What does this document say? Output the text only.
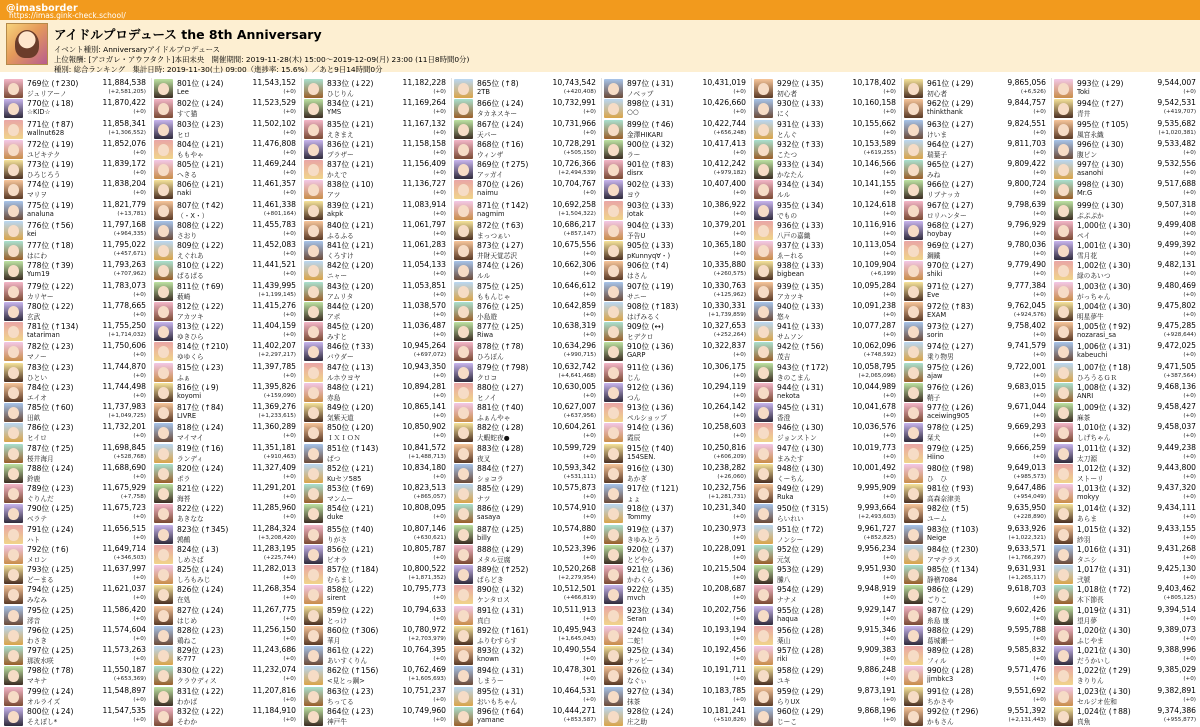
@imasborder
https://imas.gink-check.school/
アイドルプロデュース the 8th Anniversary
イベント種別: Anniversaryアイドルプロデュース
上位報酬: [アコガレ・アウフタクト]本田未央　開催期間: 2019-11-28(木) 15:00〜2019-12-09(月) 23:00 (11日8時間0分)
種別: 総合ランキング　集計日時: 2019-11-30(土) 09:00（進捗率: 15.6%）／あと9日14時間0分
769位 (↑230)	11,884,538
ジュリアーノ	(+2,581,205)
770位 (↓18)	11,870,422
☆KID☆	(+0)
771位 (↑87)	11,858,341
wallnut628	(+1,306,552)
772位 (↓19)	11,852,076
ユピキテク	(+0)
773位 (↓19)	11,839,172
ひろじろう	(+0)
774位 (↓19)	11,838,204
マリヲ	(+0)
775位 (↓19)	11,821,779
analuna	(+13,781)
776位 (↑56)	11,797,168
kei	(+964,335)
777位 (↑18)	11,795,022
はにわ	(+457,671)
778位 (↑39)	11,793,263
Yum19	(+707,962)
779位 (↓22)	11,783,073
カリヤー	(+0)
780位 (↓22)	11,778,665
玄武	(+0)
781位 (↑134)	11,755,250
tatariman	(+1,714,032)
782位 (↓23)	11,750,606
マノー	(+0)
783位 (↓23)	11,744,870
ひとい	(+0)
784位 (↓23)	11,744,498
エイオ	(+0)
785位 (↑60)	11,737,983
田畝	(+1,049,725)
786位 (↓23)	11,732,201
ヒイロ	(+0)
787位 (↑25)	11,698,845
桜井海月	(+528,768)
788位 (↓24)	11,688,690
鈴鹿	(+0)
789位 (↓23)	11,675,929
ぐりんだ	(+7,758)
790位 (↓25)	11,675,723
ベラテ	(+0)
791位 (↓24)	11,656,515
ハト	(+0)
792位 (↑6)	11,649,714
メロン	(+346,503)
793位 (↓25)	11,637,997
どーまる	(+0)
794位 (↓25)	11,621,037
みなみ	(+0)
795位 (↓25)	11,586,420
澪音	(+0)
796位 (↓25)	11,574,604
わさき	(+0)
797位 (↓25)	11,573,263
那波水咲	(+0)
798位 (↑78)	11,550,187
マキナ	(+653,369)
799位 (↓24)	11,548,897
オルライズ	(+0)
800位 (↓24)	11,547,535
そえぼし*	(+0)
801位 (↓24)	11,543,152
Lee	(+0)
802位 (↓24)	11,523,529
すて猫	(+0)
803位 (↓23)	11,502,102
ヒロ	(+0)
804位 (↓21)	11,476,808
ももやゃ	(+0)
805位 (↓21)	11,469,244
へきる	(+0)
806位 (↓21)	11,461,357
naki	(+0)
807位 (↑42)	11,461,338
（・X・）	(+801,164)
808位 (↓22)	11,455,783
さおり	(+0)
809位 (↓22)	11,452,083
えぐれあ	(+0)
810位 (↓22)	11,441,521
ぱるぱる	(+0)
811位 (↑69)	11,439,995
薮崎	(+1,199,145)
812位 (↓22)	11,415,276
アカツキ	(+0)
813位 (↓22)	11,404,159
ゆきひら	(+0)
814位 (↑210)	11,402,207
ゆゆくら	(+2,297,217)
815位 (↓23)	11,397,785
ふぁ	(+0)
816位 (↓9)	11,395,826
koyomi	(+159,090)
817位 (↑84)	11,369,276
LIVRE	(+1,233,615)
818位 (↓24)	11,360,289
マイマイ	(+0)
819位 (↑16)	11,351,181
ランディ	(+910,463)
820位 (↓24)	11,327,409
ポラ	(+0)
821位 (↓22)	11,291,201
海苔	(+0)
822位 (↓22)	11,285,960
あきなな	(+0)
823位 (↑345)	11,284,324
鶉鵺	(+3,208,420)
824位 (↓3)	11,283,195
しめさば	(+225,744)
825位 (↓24)	11,282,013
しろもみじ	(+0)
826位 (↓24)	11,268,354
在処	(+0)
827位 (↓24)	11,267,775
はじめ	(+0)
828位 (↓23)	11,256,150
鶏ねこ	(+0)
829位 (↓23)	11,243,686
K-777	(+0)
830位 (↓22)	11,232,074
クラウディス	(+0)
831位 (↓22)	11,207,816
わかば	(+0)
832位 (↓22)	11,184,910
そわか	(+0)
833位 (↓22)	11,182,228
ひじりん	(+0)
834位 (↓21)	11,169,264
YMS	(+0)
835位 (↓21)	11,167,132
えきまえ	(+0)
836位 (↓21)	11,158,158
プラザー	(+0)
837位 (↓21)	11,156,409
かえで	(+0)
838位 (↓10)	11,136,727
アツ	(+0)
839位 (↓21)	11,083,914
akpk	(+0)
840位 (↓21)	11,061,797
ふるふる	(+0)
841位 (↓21)	11,061,283
くろすけ	(+0)
842位 (↓20)	11,054,133
ニャー	(+0)
843位 (↓20)	11,053,851
アムリタ	(+0)
844位 (↓20)	11,038,570
アポ	(+0)
845位 (↓20)	11,036,487
みすと	(+0)
846位 (↑33)	10,945,264
バウダー	(+697,072)
847位 (↓13)	10,943,350
ルホウヨヤ	(+0)
848位 (↓21)	10,894,281
赤島	(+0)
849位 (↓20)	10,865,141
気紫天道	(+0)
850位 (↓20)	10,850,902
ＩＸＩＯＮ	(+0)
851位 (↑143)	10,841,572
ぱつ	(+1,488,713)
852位 (↓21)	10,834,180
Kuセソ585	(+0)
853位 (↑69)	10,823,513
マンムー	(+865,057)
854位 (↓21)	10,808,095
duke	(+0)
855位 (↑40)	10,807,146
りがさ	(+630,621)
856位 (↓21)	10,805,787
ビオラ	(+0)
857位 (↑184)	10,800,522
むらまし	(+1,871,352)
858位 (↓22)	10,795,773
sirent	(+0)
859位 (↓22)	10,794,633
とっけ	(+0)
860位 (↑306)	10,780,972
華月	(+2,703,979)
861位 (↓22)	10,764,395
あいすくりん	(+0)
862位 (↑156)	10,762,469
<見とっ鋼>	(+1,605,693)
863位 (↓23)	10,751,237
ちってる	(+0)
864位 (↓23)	10,749,960
神戸牛	(+0)
865位 (↑8)	10,743,542
2TB	(+420,408)
866位 (↓24)	10,732,991
タカネスキー	(+0)
867位 (↓24)	10,731,966
天パー	(+0)
868位 (↑16)	10,728,291
ウィンザ	(+505,150)
869位 (↑275)	10,726,366
アッガイ	(+2,494,539)
870位 (↓26)	10,704,767
naimu	(+0)
871位 (↑142)	10,692,258
nagmim	(+1,504,322)
872位 (↑63)	10,686,217
まっつぁい	(+857,147)
873位 (↓27)	10,675,556
井財天覚芯沢	(+0)
874位 (↓26)	10,662,306
ルル	(+0)
875位 (↓25)	10,646,612
ももんじゃ	(+0)
876位 (↓25)	10,642,859
小島遊	(+0)
877位 (↓25)	10,638,319
Riwa	(+0)
878位 (↑78)	10,634,296
ひろぽん	(+990,715)
879位 (↑798)	10,632,742
クロコ	(+4,641,468)
880位 (↓27)	10,630,005
ヒノイ	(+0)
881位 (↑40)	10,627,007
ふぁんやゃ	(+637,956)
882位 (↓28)	10,604,261
大蝦蛇夜●	(+0)
883位 (↓28)	10,599,729
夜叉	(+0)
884位 (↑27)	10,593,342
ショコラ	(+531,111)
885位 (↓29)	10,575,873
ナツ	(+0)
886位 (↓29)	10,574,910
sasaya	(+0)
887位 (↓25)	10,574,880
billy	(+0)
888位 (↓29)	10,523,396
メタル豆腐	(+0)
889位 (↑252)	10,520,268
ぱらどき	(+2,279,954)
890位 (↓32)	10,512,501
ケンタロス	(+466,819)
891位 (↓31)	10,511,913
真白	(+0)
892位 (↑161)	10,495,943
ふりむすらす	(+1,645,043)
893位 (↓32)	10,490,554
known	(+0)
894位 (↓31)	10,478,301
しまうー	(+0)
895位 (↓31)	10,464,531
おいもちゃん	(+0)
896位 (↑64)	10,444,271
yamane	(+853,587)
897位 (↓31)	10,431,019
ノベッブ	(+0)
898位 (↓31)	10,426,660
○○	(+0)
899位 (↑46)	10,422,744
金澤HIKARI	(+656,248)
900位 (↓32)	10,417,413
ラー	(+0)
901位 (↑83)	10,412,242
disrx	(+979,182)
902位 (↓33)	10,407,400
ヨウ	(+0)
903位 (↓33)	10,386,922
jotak	(+0)
904位 (↓33)	10,379,201
予告U	(+0)
905位 (↓33)	10,365,180
pKunnyq∀・)	(+0)
906位 (↑4)	10,335,880
はさん	(+260,575)
907位 (↓19)	10,330,763
サニー	(+125,962)
908位 (↑183)	10,330,331
はげみるく	(+1,739,859)
909位 (↔)	10,327,653
ヒデクロ	(+252,264)
910位 (↓36)	10,322,837
GARP	(+0)
911位 (↓36)	10,306,175
じん	(+0)
912位 (↓36)	10,294,119
つん	(+0)
913位 (↓36)	10,264,142
ペルショップ	(+0)
914位 (↓36)	10,258,603
霞辰	(+0)
915位 (↑40)	10,250,816
154SEN.	(+606,209)
916位 (↓30)	10,238,282
あかぎ	(+26,060)
917位 (↑121)	10,232,756
ょょ	(+1,281,731)
918位 (↓37)	10,231,340
Tommy	(+0)
919位 (↓37)	10,230,973
きゆみとう	(+0)
920位 (↓37)	10,228,091
とどやら	(+0)
921位 (↓36)	10,215,504
かわくら	(+0)
922位 (↓35)	10,208,687
mvch	(+0)
923位 (↓34)	10,202,756
Seran	(+0)
924位 (↓34)	10,193,194
二蛇！	(+0)
925位 (↓34)	10,192,456
ナッピー	(+0)
926位 (↓34)	10,191,711
なぐぃ	(+0)
927位 (↓34)	10,183,785
抹茶	(+0)
928位 (↓24)	10,181,241
庄之助	(+510,826)
929位 (↓35)	10,178,402
初心者	(+0)
930位 (↓33)	10,160,158
にく	(+0)
931位 (↓33)	10,155,662
とんぐ	(+0)
932位 (↑33)	10,153,589
こたつ	(+619,255)
933位 (↓34)	10,146,566
かなたん	(+0)
934位 (↓34)	10,141,155
ルル	(+0)
935位 (↓34)	10,124,618
でもの	(+0)
936位 (↓33)	10,116,916
八戸の嘉織	(+0)
937位 (↓33)	10,113,054
ゑーれる	(+0)
938位 (↓33)	10,109,904
bigbean	(+6,199)
939位 (↓35)	10,095,284
アカツキ	(+0)
940位 (↓33)	10,091,238
悠々	(+0)
941位 (↓33)	10,077,287
サムソン	(+0)
942位 (↑56)	10,062,096
茂吉	(+748,592)
943位 (↑172)	10,058,795
きのこまん	(+2,065,096)
944位 (↓31)	10,044,989
nekota	(+0)
945位 (↓31)	10,041,678
香澄	(+0)
946位 (↓30)	10,036,576
ジョンストン	(+0)
947位 (↓30)	10,019,773
まみたす	(+0)
948位 (↓30)	10,001,492
くーちん	(+0)
949位 (↓29)	9,995,909
Ruka	(+0)
950位 (↑315)	9,993,664
らいれい	(+2,493,603)
951位 (↑72)	9,961,727
ノンシー	(+852,825)
952位 (↓29)	9,956,234
元気	(+0)
953位 (↓29)	9,951,930
縢八	(+0)
954位 (↓29)	9,948,919
ナナメ	(+0)
955位 (↓28)	9,929,147
haqua	(+0)
956位 (↓28)	9,915,346
薬山	(+0)
957位 (↓28)	9,909,383
riki	(+0)
958位 (↓29)	9,886,248
ユキ	(+0)
959位 (↓29)	9,873,191
らりUX	(+0)
960位 (↓29)	9,868,196
じーこ	(+0)
961位 (↓29)	9,865,056
初心者	(+6,526)
962位 (↓29)	9,844,757
thinkthank	(+0)
963位 (↓27)	9,824,551
けいま	(+0)
964位 (↓27)	9,811,703
瑞葉子	(+0)
965位 (↓27)	9,809,422
みね	(+0)
966位 (↓27)	9,800,724
リブナッカ	(+0)
967位 (↓27)	9,798,639
ロリハンター	(+0)
968位 (↓27)	9,796,929
hoybay	(+0)
969位 (↓27)	9,780,036
鋼鐵	(+0)
970位 (↓27)	9,779,490
shiki	(+0)
971位 (↓27)	9,777,384
Eve	(+0)
972位 (↑83)	9,762,045
EXAM	(+924,576)
973位 (↓27)	9,758,402
sorin	(+0)
974位 (↓27)	9,741,579
乗り物男	(+0)
975位 (↓26)	9,722,001
ajaw	(+0)
976位 (↓26)	9,683,015
鞘子	(+0)
977位 (↓26)	9,671,044
aceiwing905	(+0)
978位 (↓25)	9,669,293
栞犬	(+0)
979位 (↓25)	9,666,259
Hiino	(+0)
980位 (↑98)	9,649,013
ひ　ひ	(+985,573)
981位 (↑93)	9,647,486
高森奈津美	(+954,049)
982位 (↑5)	9,635,950
ユーム	(+228,890)
983位 (↑103)	9,633,926
Neige	(+1,022,321)
984位 (↑230)	9,633,571
アマテラス	(+1,766,297)
985位 (↑134)	9,631,931
静稽7084	(+1,265,117)
986位 (↓29)	9,618,703
ごりこ	(+0)
987位 (↓29)	9,602,426
糸島 康	(+0)
988位 (↓29)	9,595,788
葛城瀬一	(+0)
989位 (↓28)	9,585,832
フィル	(+0)
990位 (↓28)	9,571,476
jjmbkc3	(+0)
991位 (↓28)	9,551,692
ちかさや	(+0)
992位 (↑296)	9,551,392
かもさん	(+2,131,443)
993位 (↓29)	9,544,007
Toki	(+0)
994位 (↑27)	9,542,531
青井	(+419,707)
995位 (↑105)	9,535,682
風宮永織	(+1,020,381)
996位 (↓30)	9,533,482
腹ピン	(+0)
997位 (↓30)	9,532,556
asanohi	(+0)
998位 (↓30)	9,517,688
Mr.G	(+0)
999位 (↓30)	9,507,318
ぷぷぷか	(+0)
1,000位 (↓30)	9,499,408
ペイ	(+0)
1,001位 (↓30)	9,499,392
雪月花	(+0)
1,002位 (↓30)	9,482,131
緑のあいつ	(+0)
1,003位 (↓30)	9,480,469
がっちゃん	(+0)
1,004位 (↓30)	9,475,802
明星夢牛	(+0)
1,005位 (↑92)	9,475,285
nozarasi_sa	(+928,644)
1,006位 (↓31)	9,472,025
kabeuchi	(+0)
1,007位 (↑18)	9,471,505
ひろうるＧＲ	(+387,564)
1,008位 (↓32)	9,468,136
ANRI	(+0)
1,009位 (↓32)	9,458,427
麻茶	(+0)
1,010位 (↓32)	9,458,037
しげちゃん	(+0)
1,011位 (↓32)	9,449,238
太刀源	(+0)
1,012位 (↓32)	9,443,800
ストーリ	(+0)
1,013位 (↓32)	9,437,320
mokyy	(+0)
1,014位 (↓32)	9,434,111
あらま	(+0)
1,015位 (↓32)	9,433,155
紗羽	(+0)
1,016位 (↓31)	9,431,268
タニシ	(+0)
1,017位 (↓31)	9,425,130
弐號	(+0)
1,018位 (↑72)	9,403,462
木下節長	(+805,125)
1,019位 (↓31)	9,394,514
望月夢	(+0)
1,020位 (↓30)	9,389,073
ふじやま	(+0)
1,021位 (↓30)	9,388,996
だうかいし	(+0)
1,022位 (↑29)	9,385,029
きりりん	(+0)
1,023位 (↓30)	9,382,891
セルジオ佐和	(+0)
1,024位 (↑88)	9,374,386
真魚	(+955,877)
